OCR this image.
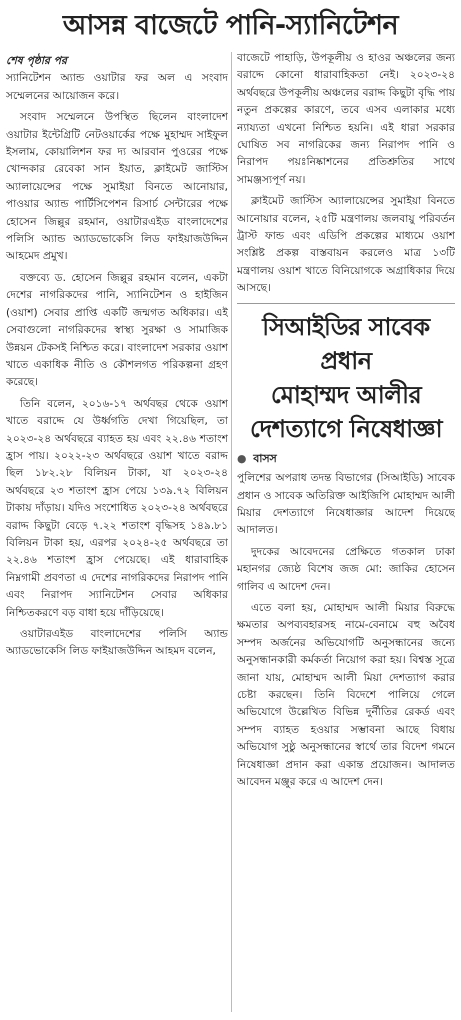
আসন্ন বাজেটে পানি-স্যানিটেশন
শেষ পৃষ্ঠার পর

স্যানিটেশন অ্যান্ড ওয়াটার ফর অল এ সংবাদ সম্মেলনের আয়োজন করে।

সংবাদ সম্মেলনে উপস্থিত ছিলেন বাংলাদেশ ওয়াটার ইন্টেগ্রিটি নেটওয়ার্কের পক্ষে মুহাম্মদ সাইফুল ইসলাম, কোয়ালিশন ফর দ্য আরবান পুওরের পক্ষে খোন্দকার রেবেকা সান ইয়াত, ক্লাইমেট জাস্টিস অ্যালায়েন্সের পক্ষে সুমাইয়া বিনতে আনোয়ার, পাওয়ার অ্যান্ড পার্টিসিপেশন রিসার্চ সেন্টারের পক্ষে হোসেন জিল্লুর রহমান, ওয়াটারএইড বাংলাদেশের পলিসি অ্যান্ড অ্যাডভোকেসি লিড ফাইয়াজউদ্দিন আহমেদ প্রমুখ।

বক্তব্যে ড. হোসেন জিল্লুর রহমান বলেন, একটা দেশের নাগরিকদের পানি, স্যানিটেশন ও হাইজিন (ওয়াশ) সেবার প্রাপ্তি একটি জন্মগত অধিকার। এই সেবাগুলো নাগরিকদের স্বাস্থ্য সুরক্ষা ও সামাজিক উন্নয়ন টেকসই নিশ্চিত করে। বাংলাদেশ সরকার ওয়াশ খাতে একাধিক নীতি ও কৌশলগত পরিকল্পনা গ্রহণ করেছে।

তিনি বলেন, ২০১৬-১৭ অর্থবছর থেকে ওয়াশ খাতে বরাদ্দে যে উর্ধ্বগতি দেখা গিয়েছিল, তা ২০২৩-২৪ অর্থবছরে ব্যাহত হয় এবং ২২.৪৬ শতাংশ হ্রাস পায়। ২০২২-২৩ অর্থবছরে ওয়াশ খাতে বরাদ্দ ছিল ১৮২.২৮ বিলিয়ন টাকা, যা ২০২৩-২৪ অর্থবছরে ২৩ শতাংশ হ্রাস পেয়ে ১৩৯.৭২ বিলিয়ন টাকায় দাঁড়ায়। যদিও সংশোধিত ২০২৩-২৪ অর্থবছরে বরাদ্দ কিছুটা বেড়ে ৭.২২ শতাংশ বৃদ্ধিসহ ১৪৯.৮১ বিলিয়ন টাকা হয়, এরপর ২০২৪-২৫ অর্থবছরে তা ২২.৪৬ শতাংশ হ্রাস পেয়েছে। এই ধারাবাহিক নিম্নগামী প্রবণতা এ দেশের নাগরিকদের নিরাপদ পানি এবং নিরাপদ স্যানিটেশন সেবার অধিকার নিশ্চিতকরণে বড় বাধা হয়ে দাঁড়িয়েছে।

ওয়াটারএইড বাংলাদেশের পলিসি অ্যান্ড অ্যাডভোকেসি লিড ফাইয়াজউদ্দিন আহমদ বলেন,

বাজেটে পাহাড়ি, উপকূলীয় ও হাওর অঞ্চলের জন্য বরাদ্দে কোনো ধারাবাহিকতা নেই। ২০২৩-২৪ অর্থবছরে উপকূলীয় অঞ্চলের বরাদ্দ কিছুটা বৃদ্ধি পায় নতুন প্রকল্পের কারণে, তবে এসব এলাকার মধ্যে ন্যায্যতা এখনো নিশ্চিত হয়নি। এই ধারা সরকার ঘোষিত সব নাগরিকের জন্য নিরাপদ পানি ও নিরাপদ পয়ঃনিষ্কাশনের প্রতিশ্রুতির সাথে সামঞ্জস্যপূর্ণ নয়।

ক্লাইমেট জাস্টিস অ্যালায়েন্সের সুমাইয়া বিনতে আনোয়ার বলেন, ২৫টি মন্ত্রণালয় জলবায়ু পরিবর্তন ট্রাস্ট ফান্ড এবং এডিপি প্রকল্পের মাধ্যমে ওয়াশ সংশ্লিষ্ট প্রকল্প বাস্তবায়ন করলেও মাত্র ১৩টি মন্ত্রণালয় ওয়াশ খাতে বিনিয়োগকে অগ্রাধিকার দিয়ে আসছে।

সিআইডির সাবেক প্রধান
মোহাম্মদ আলীর
দেশত্যাগে নিষেধাজ্ঞা
● বাসস

পুলিশের অপরাধ তদন্ত বিভাগের (সিআইডি) সাবেক প্রধান ও সাবেক অতিরিক্ত আইজিপি মোহাম্মদ আলী মিয়ার দেশত্যাগে নিষেধাজ্ঞার আদেশ দিয়েছে আদালত।

দুদকের আবেদনের প্রেক্ষিতে গতকাল ঢাকা মহানগর জ্যেষ্ঠ বিশেষ জজ মো: জাকির হোসেন গালিব এ আদেশ দেন।

এতে বলা হয়, মোহাম্মদ আলী মিয়ার বিরুদ্ধে ক্ষমতার অপব্যবহারসহ নামে-বেনামে বহু অবৈধ সম্পদ অর্জনের অভিযোগটি অনুসন্ধানের জন্যে অনুসন্ধানকারী কর্মকর্তা নিয়োগ করা হয়। বিশ্বস্ত সূত্রে জানা যায়, মোহাম্মদ আলী মিয়া দেশত্যাগ করার চেষ্টা করছেন। তিনি বিদেশে পালিয়ে গেলে অভিযোগে উল্লেখিত বিভিন্ন দুর্নীতির রেকর্ড এবং সম্পদ ব্যাহত হওয়ার সম্ভাবনা আছে বিধায় অভিযোগ সুষ্ঠু অনুসন্ধানের স্বার্থে তার বিদেশ গমনে নিষেধাজ্ঞা প্রদান করা একান্ত প্রয়োজন। আদালত আবেদন মঞ্জুর করে এ আদেশ দেন।
